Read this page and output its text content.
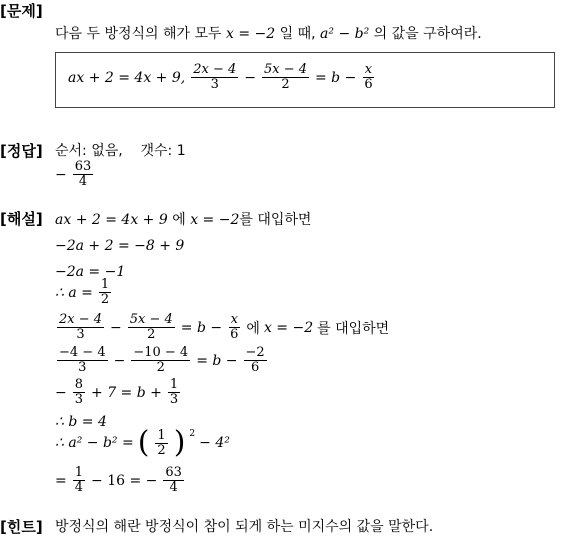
[문제]
다음 두 방정식의 해가 모두 x = −2 일 때, a² − b² 의 값을 구하여라.
ax + 2 = 4x + 9, $\frac{2x - 4}{3} - \frac{5x - 4}{2} = b - \frac{x}{6}$
[정답] 순서: 없음,    갯수: 1
− $\frac{63}{4}$
[해설] ax + 2 = 4x + 9 에 x = −2를 대입하면
−2a + 2 = −8 + 9
−2a = −1
∴ $a = \frac{1}{2}$
$\frac{2x - 4}{3} - \frac{5x - 4}{2} = b - \frac{x}{6}$ 에 x = −2 를 대입하면
$\frac{-4 - 4}{3} - \frac{-10 - 4}{2} = b - \frac{-2}{6}$
− $\frac{8}{3} + 7 = b + \frac{1}{3}$
∴ b = 4
∴ a² − b² = ( $\frac{1}{2}$ ) $^2$
− 4²
= $\frac{1}{4} - 16$ = − $\frac{63}{4}$
[힌트] 방정식의 해란 방정식이 참이 되게 하는 미지수의 값을 말한다.
